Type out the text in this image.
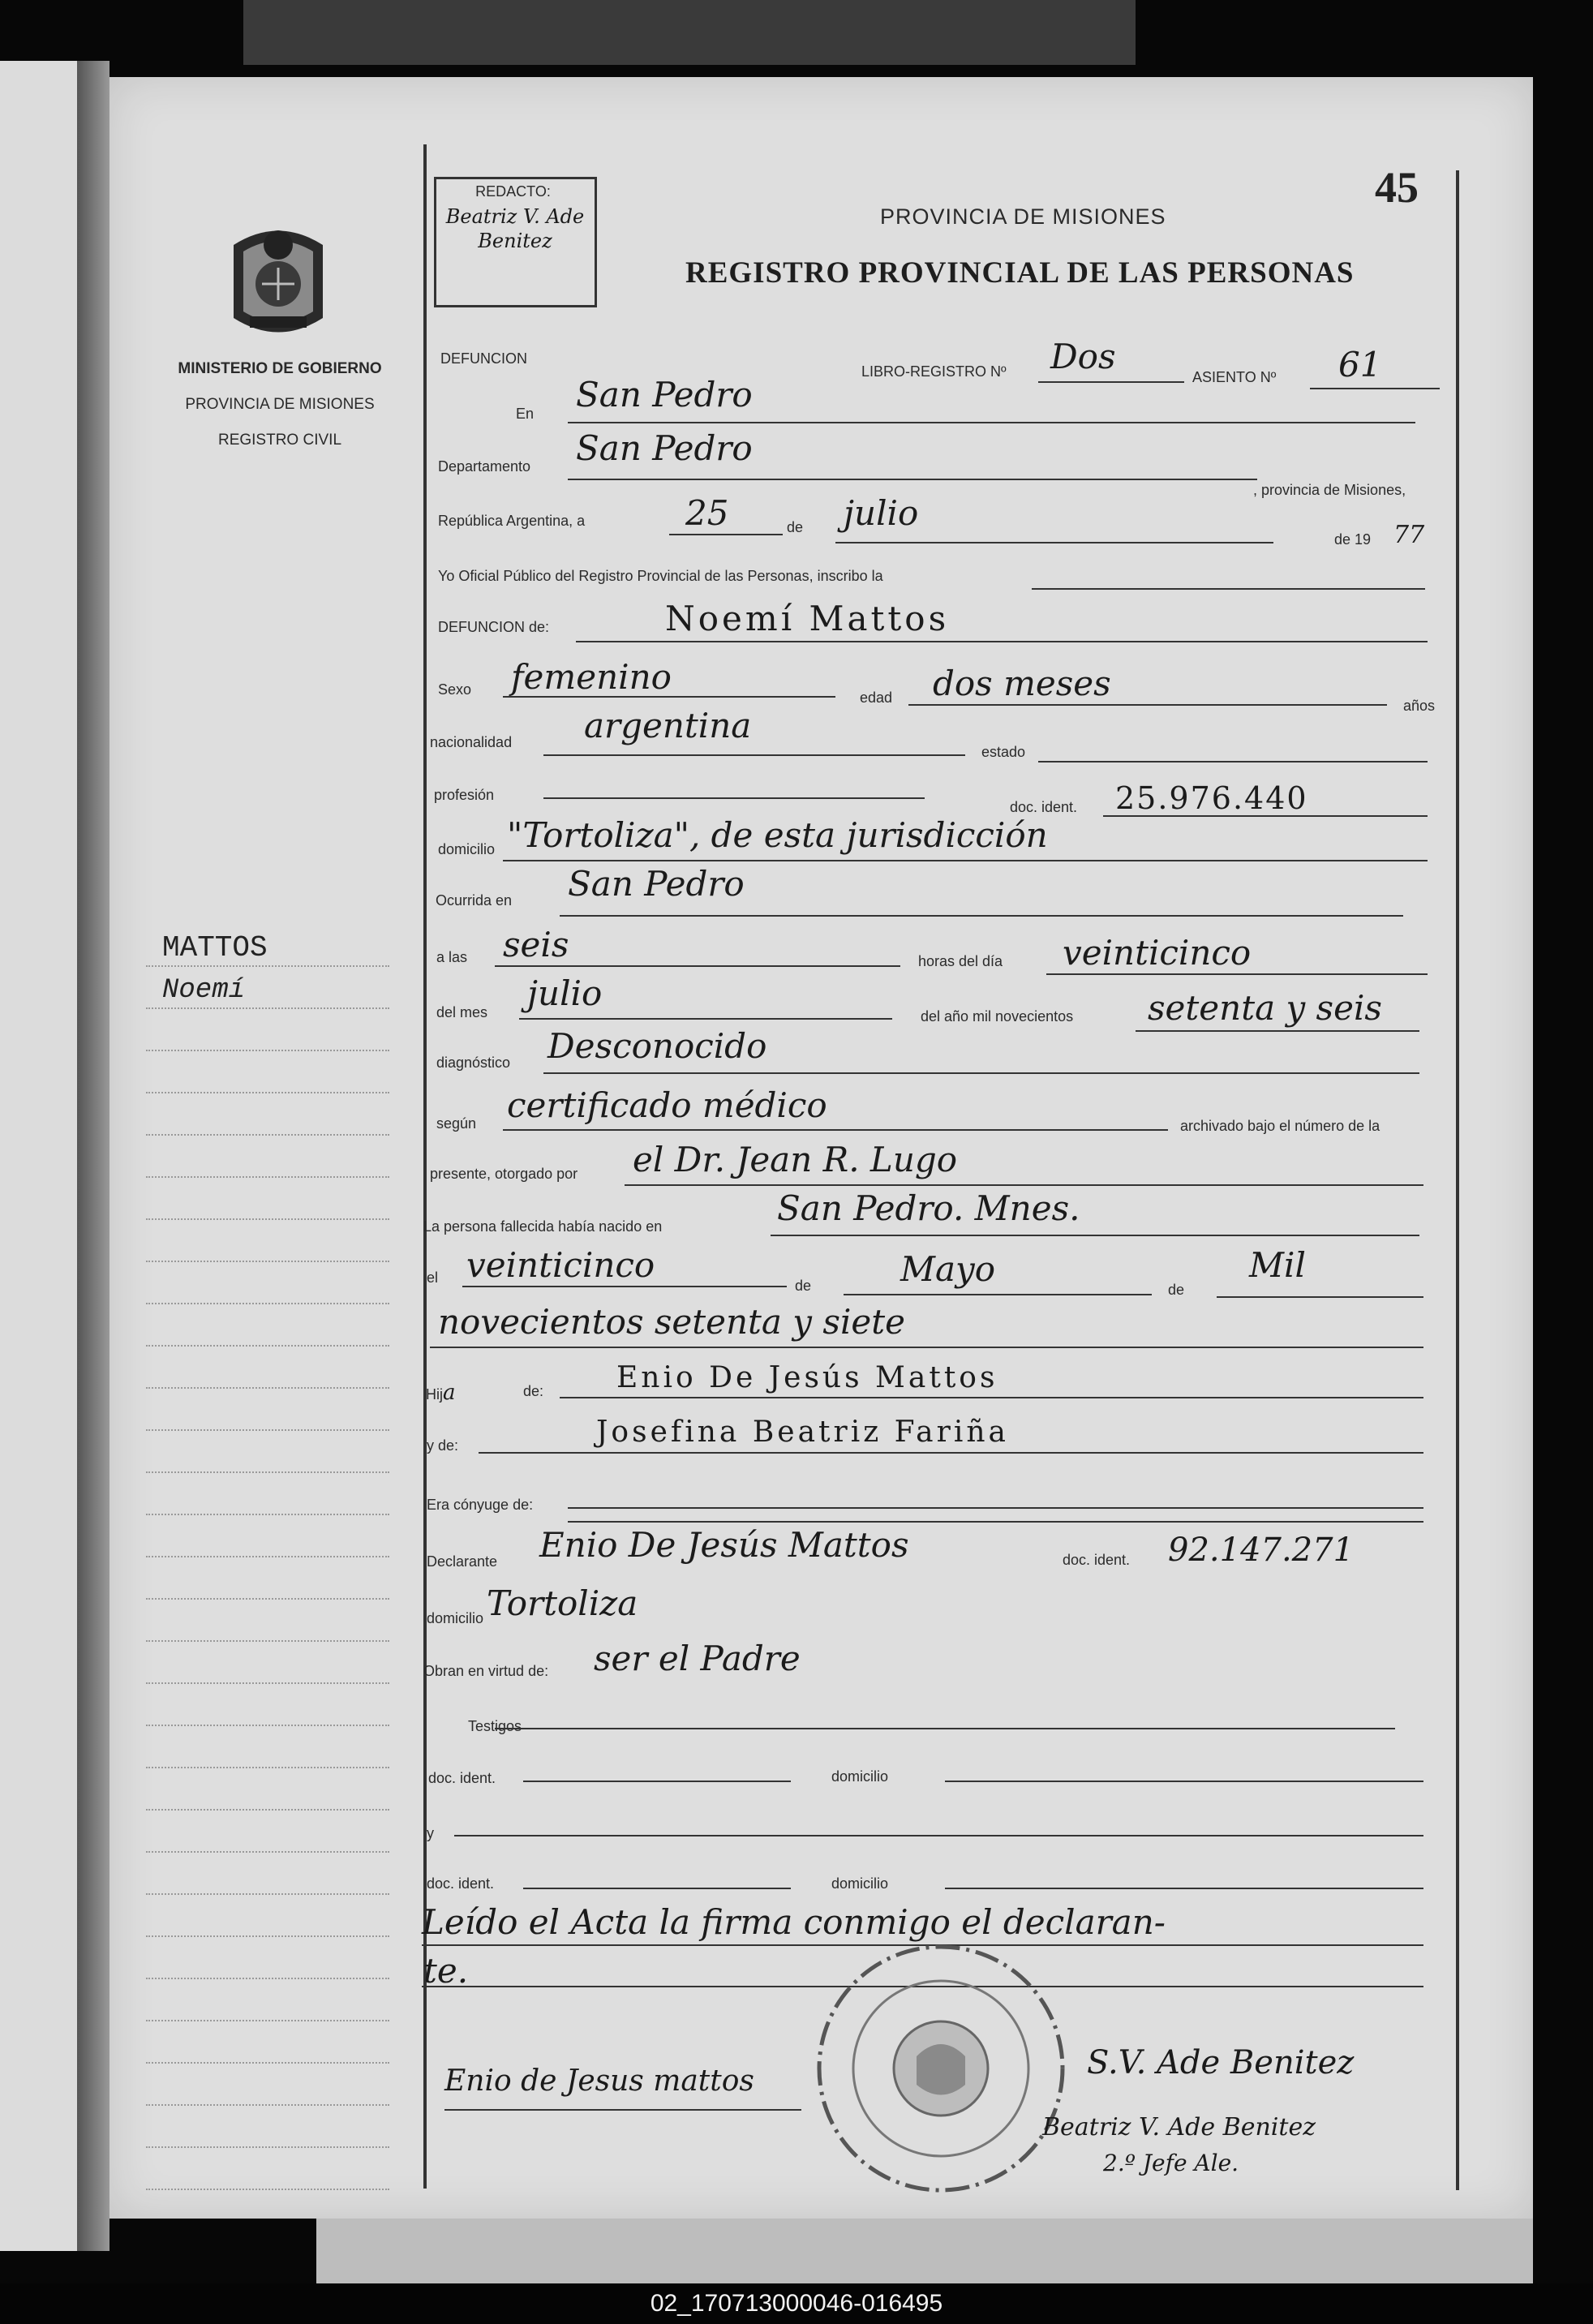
MINISTERIO DE GOBIERNO
PROVINCIA DE MISIONES
REGISTRO CIVIL
MATTOS
Noemí
REDACTO:
Beatriz V. Ade Benitez
45
PROVINCIA DE MISIONES
REGISTRO PROVINCIAL DE LAS PERSONAS
DEFUNCION
LIBRO-REGISTRO Nº Dos
ASIENTO Nº 61
En San Pedro
Departamento San Pedro
, provincia de Misiones,
República Argentina, a	25	de julio
de 19 77
Yo Oficial Público del Registro Provincial de las Personas, inscribo la
DEFUNCION de:	Noemí Mattos
Sexo femenino
edad dos meses
años
nacionalidad argentina
estado
profesión
doc. ident. 25.976.440
domicilio "Tortoliza", de esta jurisdicción
Ocurrida en San Pedro
a las seis	horas del día veinticinco
del mes julio
del año mil novecientos setenta y seis
diagnóstico Desconocido
según certificado médico
archivado bajo el número de la
presente, otorgado por el Dr. Jean R. Lugo
La persona fallecida había nacido en	San Pedro. Mnes.
el veinticinco
de	Mayo
de
Mil
novecientos setenta y siete
Hija	de: Enio De Jesús Mattos
y de:	Josefina Beatriz Fariña
Era cónyuge de:
Declarante Enio De Jesús Mattos	doc. ident. 92.147.271
domicilio Tortoliza
Obran en virtud de: ser el Padre
Testigos
doc. ident.	domicilio
y
doc. ident.	domicilio
Leído el Acta la firma conmigo el declaran-
te.
Enio de Jesus mattos	S.V. Ade Benitez
Beatriz V. Ade Benitez
2.º Jefe Ale.
02_170713000046-016495
